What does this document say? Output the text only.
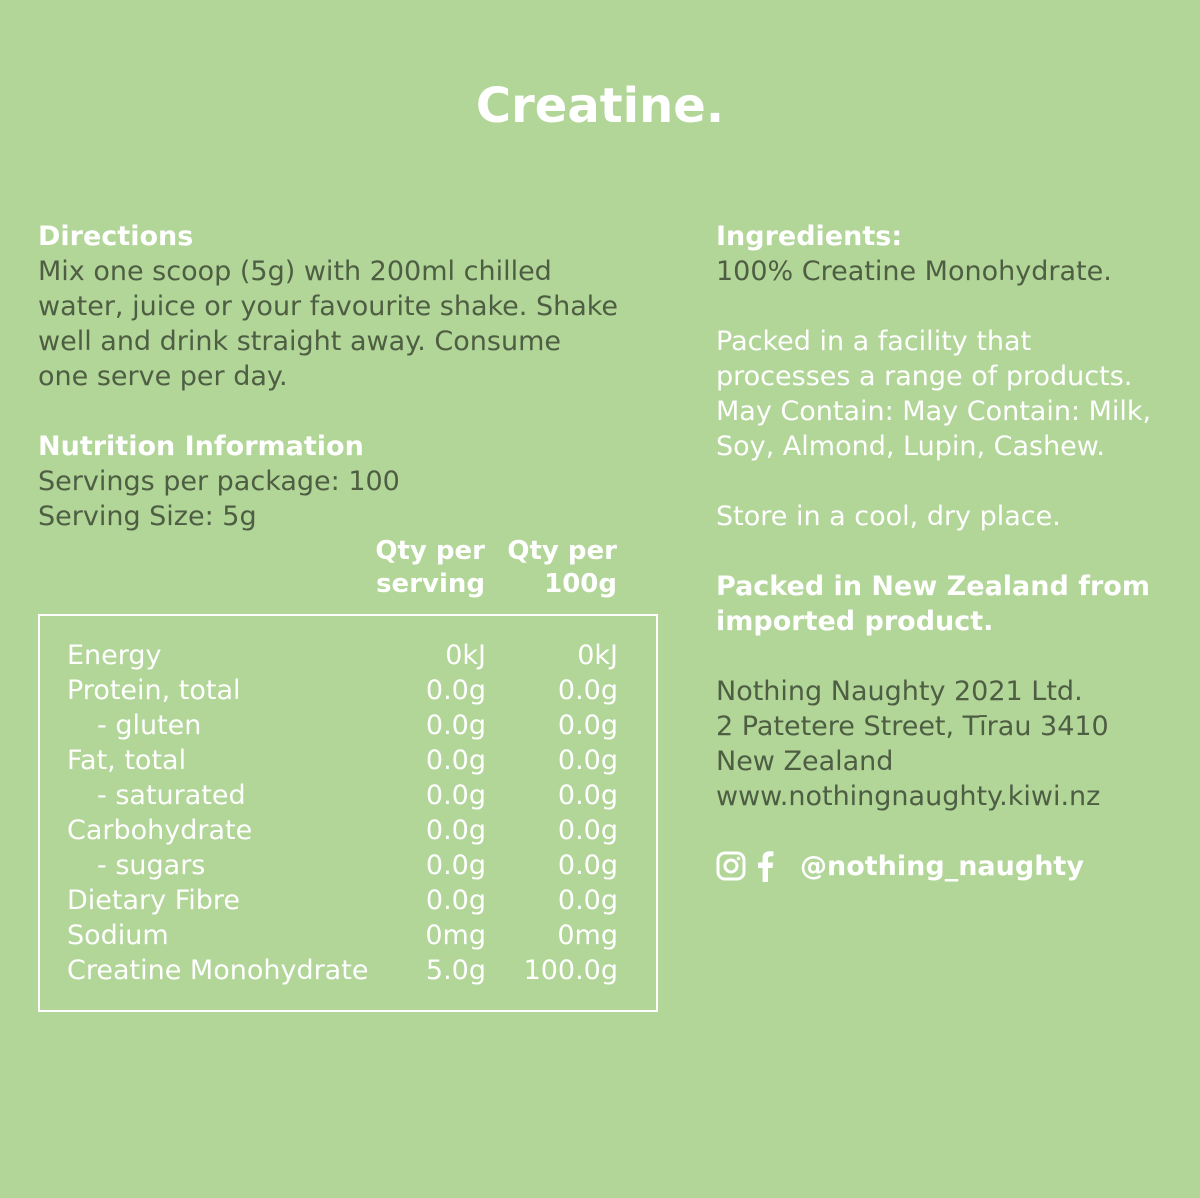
Creatine.

Directions

Mix one scoop (5g) with 200ml chilled

water, juice or your favourite shake. Shake

well and drink straight away. Consume

one serve per day.

Nutrition Information

Servings per package: 100

Serving Size: 5g

Qty per
serving
Qty per
100g
Energy	0kJ	0kJ
Protein, total	0.0g	0.0g
- gluten	0.0g	0.0g
Fat, total	0.0g	0.0g
- saturated	0.0g	0.0g
Carbohydrate	0.0g	0.0g
- sugars	0.0g	0.0g
Dietary Fibre	0.0g	0.0g
Sodium	0mg	0mg
Creatine Monohydrate 5.0g 100.0g

Ingredients:

100% Creatine Monohydrate.

Packed in a facility that

processes a range of products.

May Contain: May Contain: Milk,

Soy, Almond, Lupin, Cashew.

Store in a cool, dry place.

Packed in New Zealand from

imported product.

Nothing Naughty 2021 Ltd.

2 Patetere Street, Tīrau 3410

New Zealand

www.nothingnaughty.kiwi.nz

@nothing_naughty
